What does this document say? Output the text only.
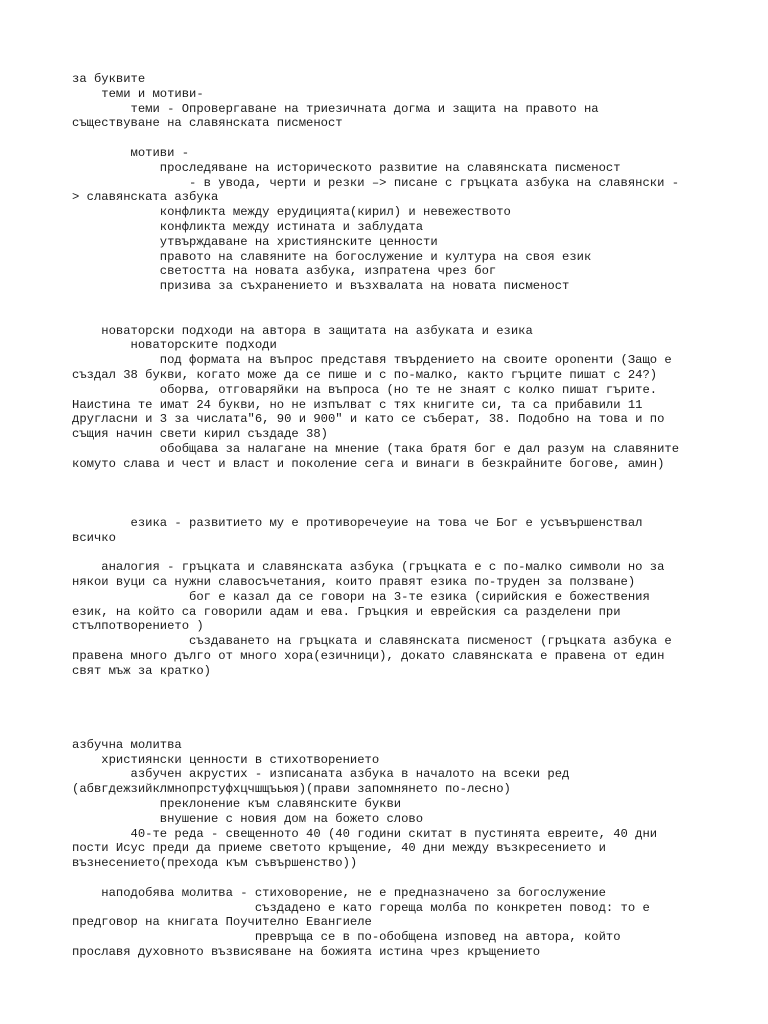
за буквите
теми и мотиви-
теми - Опровергаване на триезичната догма и защита на правото на
съществуване на славянската писменост

мотиви -
проследяване на историческото развитие на славянската писменост
- в увода, черти и резки –> писане с гръцката азбука на славянски -
> славянската азбука
конфликта между ерудицията(кирил) и невежеството
конфликта между истината и заблудата
утвърждаване на християнските ценности
правото на славяните на богослужение и култура на своя език
светостта на новата азбука, изпратена чрез бог
призива за съхранението и възхвалата на новата писменост

новаторски подходи на автора в защитата на азбуката и езика
новаторските подходи
под формата на въпрос представя твърдението на своите оponенти (Защо е
създал 38 букви, когато може да се пише и с по-малко, както гърците пишат с 24?)
оборва, отговаряйки на въпроса (но те не знаят с колко пишат гърите.
Наистина те имат 24 букви, но не изпълват с тях книгите си, та са прибавили 11
другласни и 3 за числата"6, 90 и 900" и като се съберат, 38. Подобно на това и по
същия начин свети кирил създаде 38)
обобщава за налагане на мнение (така братя бог е дал разум на славяните
комуто слава и чест и власт и поколение сега и винаги в безкрайните богове, амин)

езика - развитието му е противоречеуие на това че Бог е усъвършенствал
всичко

аналогия - гръцката и славянската азбука (гръцката е с по-малко символи но за
някои вуци са нужни славосъчетания, които правят езика по-труден за ползване)
бог е казал да се говори на 3-те езика (сирийския е божествения
език, на който са говорили адам и ева. Гръцкия и еврейския са разделени при
стълпотворението )
създаването на гръцката и славянската писменост (гръцката азбука е
правена много дълго от много хора(езичници), докато славянската е правена от един
свят мъж за кратко)

азбучна молитва
християнски ценности в стихотворението
азбучен акрустих - изписаната азбука в началото на всеки ред
(абвгдежзийклмнопрстуфхцчшщъьюя)(прави запомнянето по-лесно)
преклонение към славянските букви
внушение с новия дом на божето слово
40-те реда - свещенното 40 (40 години скитат в пустинята евреите, 40 дни
пости Исус преди да приеме светото кръщение, 40 дни между възкресението и
възнесението(прехода към съвършенство))

наподобява молитва - стиховорение, не е предназначено за богослужение
създадено е като гореща молба по конкретен повод: то е
предговор на книгата Поучително Евангиеле
превръща се в по-обобщена изповед на автора, който
прославя духовното възвисяване на божията истина чрез кръщението
